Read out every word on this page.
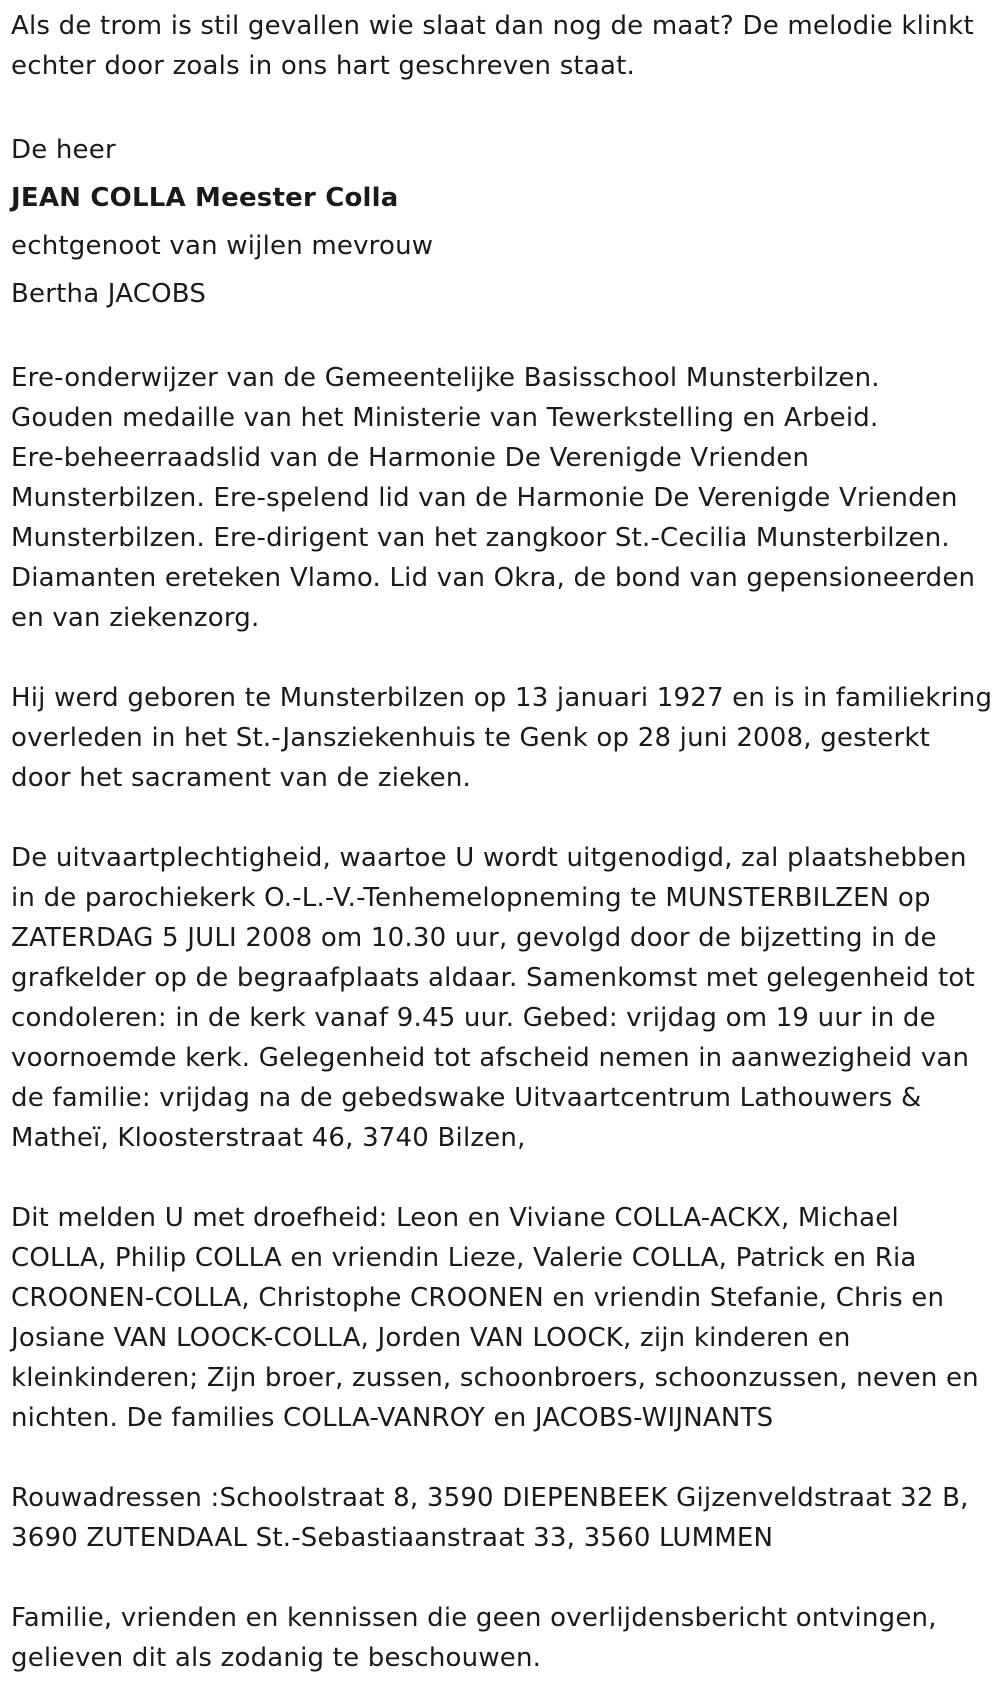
Als de trom is stil gevallen wie slaat dan nog de maat? De melodie klinkt

echter door zoals in ons hart geschreven staat.

De heer

JEAN COLLA Meester Colla

echtgenoot van wijlen mevrouw

Bertha JACOBS

Ere-onderwijzer van de Gemeentelijke Basisschool Munsterbilzen.

Gouden medaille van het Ministerie van Tewerkstelling en Arbeid.

Ere-beheerraadslid van de Harmonie De Verenigde Vrienden

Munsterbilzen. Ere-spelend lid van de Harmonie De Verenigde Vrienden

Munsterbilzen. Ere-dirigent van het zangkoor St.-Cecilia Munsterbilzen.

Diamanten ereteken Vlamo. Lid van Okra, de bond van gepensioneerden

en van ziekenzorg.

Hij werd geboren te Munsterbilzen op 13 januari 1927 en is in familiekring

overleden in het St.-Jansziekenhuis te Genk op 28 juni 2008, gesterkt

door het sacrament van de zieken.

De uitvaartplechtigheid, waartoe U wordt uitgenodigd, zal plaatshebben

in de parochiekerk O.-L.-V.-Tenhemelopneming te MUNSTERBILZEN op

ZATERDAG 5 JULI 2008 om 10.30 uur, gevolgd door de bijzetting in de

grafkelder op de begraafplaats aldaar. Samenkomst met gelegenheid tot

condoleren: in de kerk vanaf 9.45 uur. Gebed: vrijdag om 19 uur in de

voornoemde kerk. Gelegenheid tot afscheid nemen in aanwezigheid van

de familie: vrijdag na de gebedswake Uitvaartcentrum Lathouwers &

Matheï, Kloosterstraat 46, 3740 Bilzen,

Dit melden U met droefheid: Leon en Viviane COLLA-ACKX, Michael

COLLA, Philip COLLA en vriendin Lieze, Valerie COLLA, Patrick en Ria

CROONEN-COLLA, Christophe CROONEN en vriendin Stefanie, Chris en

Josiane VAN LOOCK-COLLA, Jorden VAN LOOCK, zijn kinderen en

kleinkinderen; Zijn broer, zussen, schoonbroers, schoonzussen, neven en

nichten. De families COLLA-VANROY en JACOBS-WIJNANTS

Rouwadressen :Schoolstraat 8, 3590 DIEPENBEEK Gijzenveldstraat 32 B,

3690 ZUTENDAAL St.-Sebastiaanstraat 33, 3560 LUMMEN

Familie, vrienden en kennissen die geen overlijdensbericht ontvingen,

gelieven dit als zodanig te beschouwen.
